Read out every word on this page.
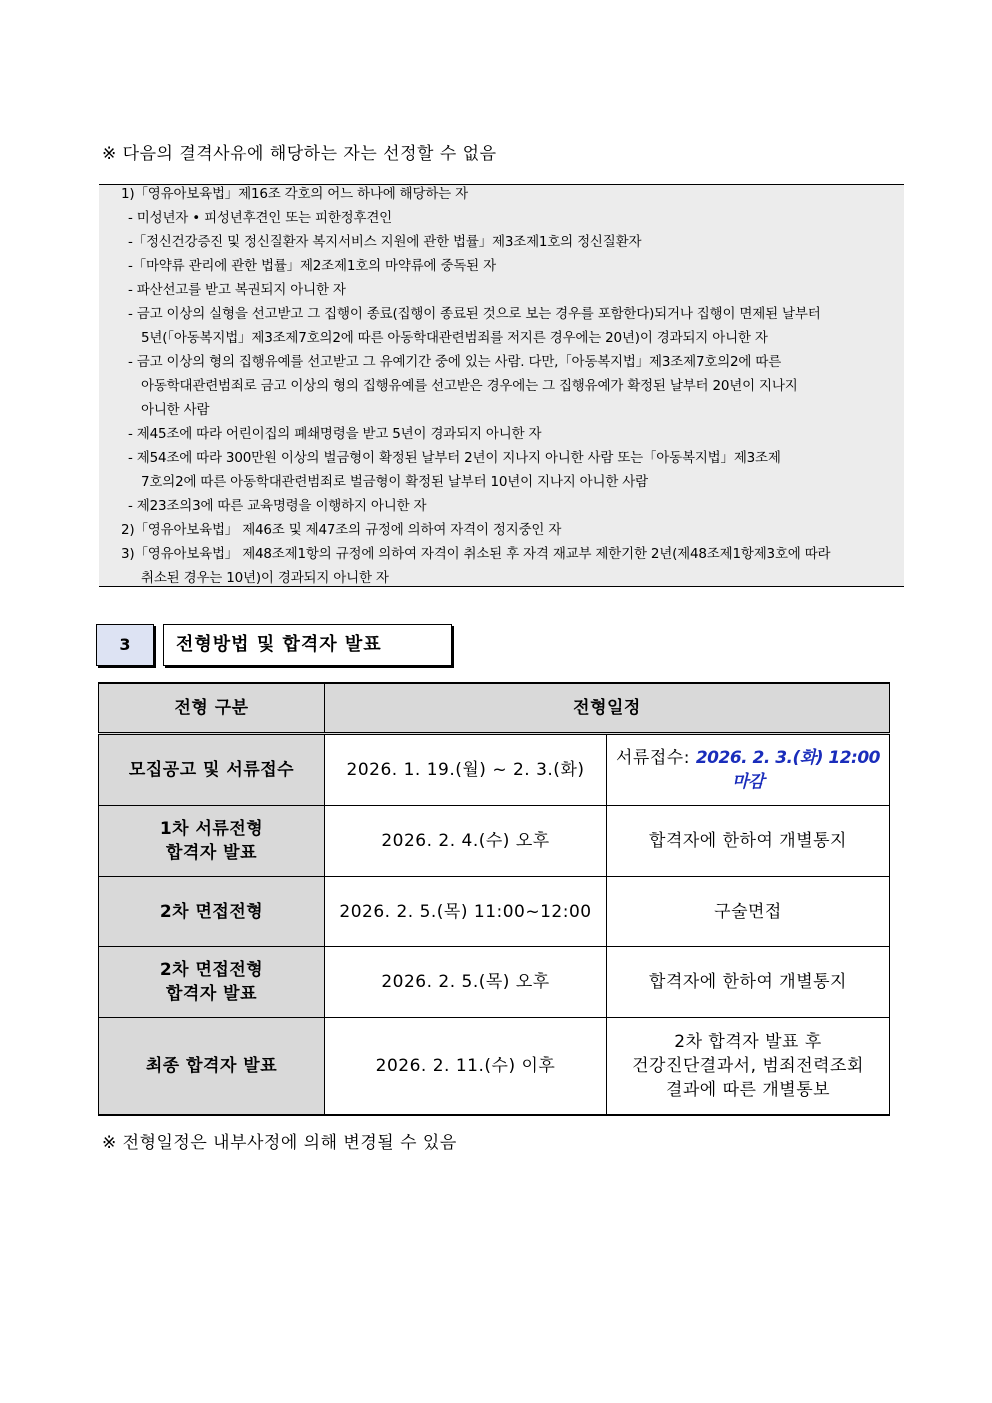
※ 다음의 결격사유에 해당하는 자는 선정할 수 없음
1)「영유아보육법」제16조 각호의 어느 하나에 해당하는 자
- 미성년자 • 피성년후견인 또는 피한정후견인
-「정신건강증진 및 정신질환자 복지서비스 지원에 관한 법률」제3조제1호의 정신질환자
-「마약류 관리에 관한 법률」제2조제1호의 마약류에 중독된 자
- 파산선고를 받고 복권되지 아니한 자
- 금고 이상의 실형을 선고받고 그 집행이 종료(집행이 종료된 것으로 보는 경우를 포함한다)되거나 집행이 면제된 날부터
5년(「아동복지법」제3조제7호의2에 따른 아동학대관련범죄를 저지른 경우에는 20년)이 경과되지 아니한 자
- 금고 이상의 형의 집행유예를 선고받고 그 유예기간 중에 있는 사람. 다만,「아동복지법」제3조제7호의2에 따른
아동학대관련범죄로 금고 이상의 형의 집행유예를 선고받은 경우에는 그 집행유예가 확정된 날부터 20년이 지나지
아니한 사람
- 제45조에 따라 어린이집의 폐쇄명령을 받고 5년이 경과되지 아니한 자
- 제54조에 따라 300만원 이상의 벌금형이 확정된 날부터 2년이 지나지 아니한 사람 또는「아동복지법」제3조제
7호의2에 따른 아동학대관련범죄로 벌금형이 확정된 날부터 10년이 지나지 아니한 사람
- 제23조의3에 따른 교육명령을 이행하지 아니한 자
2)「영유아보육법」 제46조 및 제47조의 규정에 의하여 자격이 정지중인 자
3)「영유아보육법」 제48조제1항의 규정에 의하여 자격이 취소된 후 자격 재교부 제한기한 2년(제48조제1항제3호에 따라
취소된 경우는 10년)이 경과되지 아니한 자
3	전형방법 및 합격자 발표
전형 구분	전형일정	
모집공고 및 서류접수	2026. 1. 19.(월) ~ 2. 3.(화)	서류접수: 2026. 2. 3.(화) 12:00 마감

1차 서류전형
합격자 발표	2026. 2. 4.(수) 오후	합격자에 한하여 개별통지
2차 면접전형	2026. 2. 5.(목) 11:00~12:00	구술면접

2차 면접전형
합격자 발표	2026. 2. 5.(목) 오후	합격자에 한하여 개별통지
최종 합격자 발표	2026. 2. 11.(수) 이후	2차 합격자 발표 후
건강진단결과서, 범죄전력조회
결과에 따른 개별통보
※ 전형일정은 내부사정에 의해 변경될 수 있음
